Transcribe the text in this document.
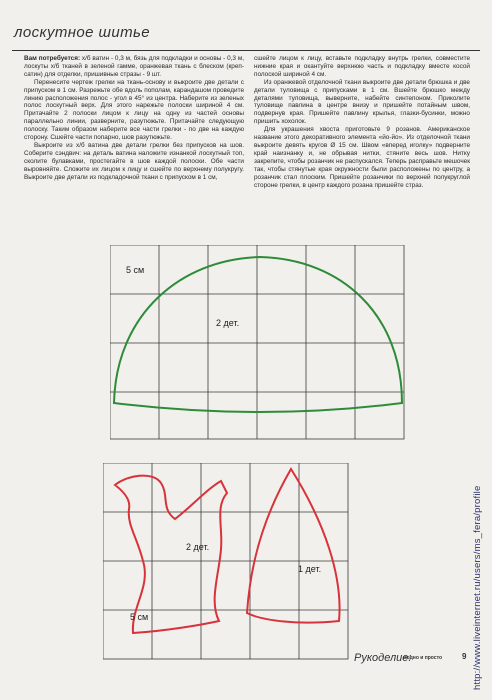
лоскутное шитье

Вам потребуется: х/б ватин - 0,3 м, бязь для подкладки и основы - 0,3 м, лоскуты х/б тканей в зеленой гамме, оранжевая ткань с блеском (креп-сатин) для отделки, пришивные стразы - 9 шт.

Перенесите чертеж грелки на ткань-основу и выкроите две детали с припуском в 1 см. Разрежьте обе вдоль пополам, карандашом проведите линию расположения полос - угол в 45° из центра. Наберите из зеленых полос лоскутный верх. Для этого нарежьте полоски шириной 4 см. Притачайте 2 полоски лицом к лицу на одну из частей основы параллельно линии, разверните, разутюжьте. Притачайте следующую полоску. Таким образом наберите все части грелки - по две на каждую сторону. Сшейте части попарно, шов разутюжьте.

Выкроите из х/б ватина две детали грелки без припусков на шов. Соберите сэндвич: на деталь ватина наложите изнанкой лоскутный топ, сколите булавками, простегайте в шов каждой полоски. Обе части выровняйте. Сложите их лицом к лицу и сшейте по верхнему полукругу. Выкроите две детали из подкладочной ткани с припуском в 1 см,

сшейте лицом к лицу, вставьте подкладку внутрь грелки, совместите нижние края и окантуйте верхнюю часть и подкладку вместе косой полоской шириной 4 см.

Из оранжевой отделочной ткани выкроите две детали брюшка и две детали туловища с припусками в 1 см. Вшейте брюшко между деталями туловища, выверните, набейте синтепоном. Приколите туловище павлина в центре внизу и пришейте потайным швом, подвернув края. Пришейте павлину крылья, глазки-бусинки, можно пришить хохолок.

Для украшения хвоста приготовьте 9 розанов. Американское название этого декоративного элемента «йо-йо». Из отделочной ткани выкроите девять кругов Ø 15 см. Швом «вперед иголку» подверните край наизнанку и, не обрывая нитки, стяните весь шов. Нитку закрепите, чтобы розанчик не распускался. Теперь расправьте мешочек так, чтобы стянутые края окружности были расположены по центру, а розанчик стал плоским. Пришейте розанчики по верхней полукруглой стороне грелки, в центр каждого розана пришейте страз.

5 см
2 дет.
2 дет.
1 дет.
5 см
Рукоделие:
модно и просто 9 http://www.liveinternet.ru/users/ms_fera/profile
